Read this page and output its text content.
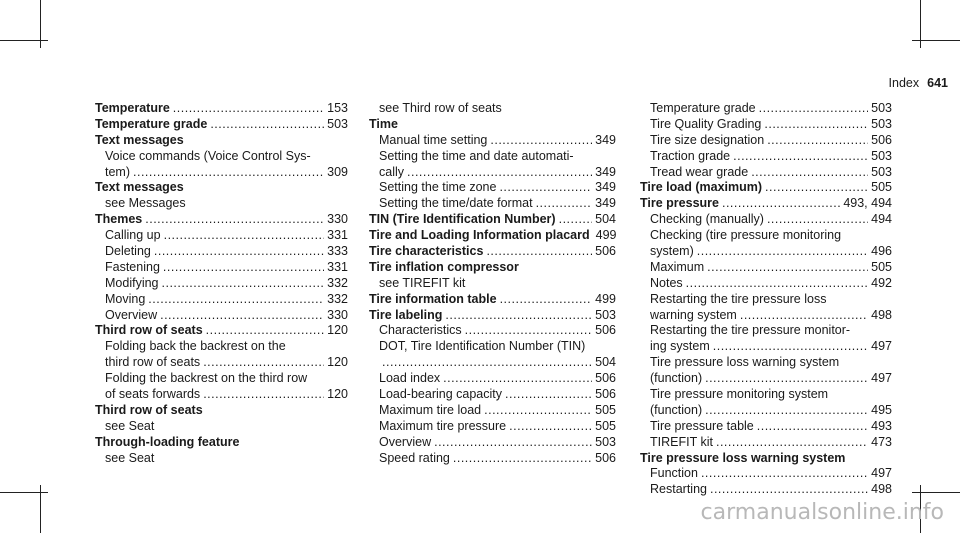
Index 641
Temperature .....	153
Temperature grade .....	503
Text messages
Voice commands (Voice Control Sys-
tem) .....	309
Text messages
see Messages
Themes .....	330
Calling up .....	331
Deleting .....	333
Fastening .....	331
Modifying .....	332
Moving .....	332
Overview .....	330
Third row of seats .....	120
Folding back the backrest on the
third row of seats .....	120
Folding the backrest on the third row
of seats forwards .....	120
Third row of seats
see Seat
Through-loading feature
see Seat
see Third row of seats
Time
Manual time setting .....	349
Setting the time and date automati-
cally .....	349
Setting the time zone .....	349
Setting the time/date format .....	349
TIN (Tire Identification Number) .....	504
Tire and Loading Information placard 499
Tire characteristics .....	506
Tire inflation compressor
see TIREFIT kit
Tire information table .....	499
Tire labeling .....	503
Characteristics .....	506
DOT, Tire Identification Number (TIN)
.....
504
Load index .....	506
Load-bearing capacity .....	506
Maximum tire load .....	505
Maximum tire pressure .....	505
Overview .....	503
Speed rating .....	506
Temperature grade .....	503
Tire Quality Grading .....	503
Tire size designation .....	506
Traction grade .....	503
Tread wear grade .....	503
Tire load (maximum) .....	505
Tire pressure .....	493, 494
Checking (manually) .....	494
Checking (tire pressure monitoring
system) .....	496
Maximum .....	505
Notes .....	492
Restarting the tire pressure loss
warning system .....	498
Restarting the tire pressure monitor-
ing system .....	497
Tire pressure loss warning system
(function) .....	497
Tire pressure monitoring system
(function) .....	495
Tire pressure table .....	493
TIREFIT kit .....	473
Tire pressure loss warning system
Function .....	497
Restarting .....	498
carmanualsonline.info
